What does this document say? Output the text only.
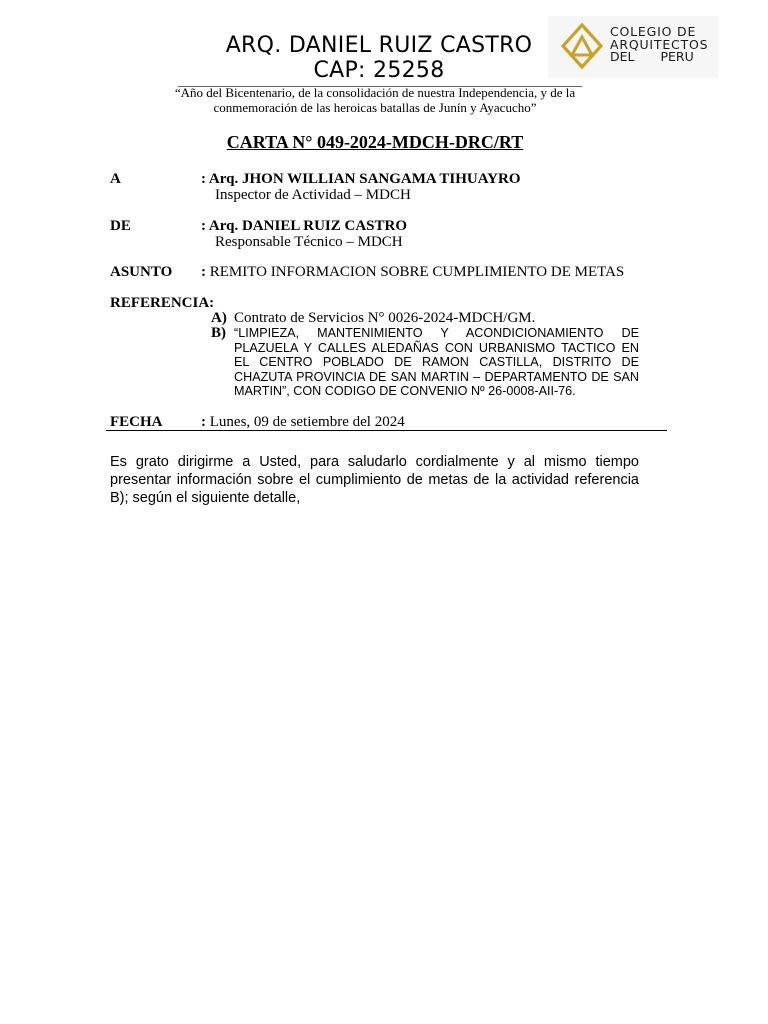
ARQ. DANIEL RUIZ CASTRO
CAP: 25258
COLEGIO DE
ARQUITECTOS
DEL PERU
“Año del Bicentenario, de la consolidación de nuestra Independencia, y de la
conmemoración de las heroicas batallas de Junín y Ayacucho”
CARTA N° 049-2024-MDCH-DRC/RT
A	: Arq. JHON WILLIAN SANGAMA TIHUAYRO
Inspector de Actividad – MDCH
DE	: Arq. DANIEL RUIZ CASTRO
Responsable Técnico – MDCH
ASUNTO : REMITO INFORMACION SOBRE CUMPLIMIENTO DE METAS
REFERENCIA:
A) Contrato de Servicios N° 0026-2024-MDCH/GM.
B) “LIMPIEZA, MANTENIMIENTO Y ACONDICIONAMIENTO DE PLAZUELA Y CALLES ALEDAÑAS CON URBANISMO TACTICO EN EL CENTRO POBLADO DE RAMON CASTILLA, DISTRITO DE CHAZUTA PROVINCIA DE SAN MARTIN – DEPARTAMENTO DE SAN MARTIN”, CON CODIGO DE CONVENIO Nº 26-0008-AII-76.
FECHA	: Lunes, 09 de setiembre del 2024
Es grato dirigirme a Usted, para saludarlo cordialmente y al mismo tiempo presentar información sobre el cumplimiento de metas de la actividad referencia B); según el siguiente detalle,
